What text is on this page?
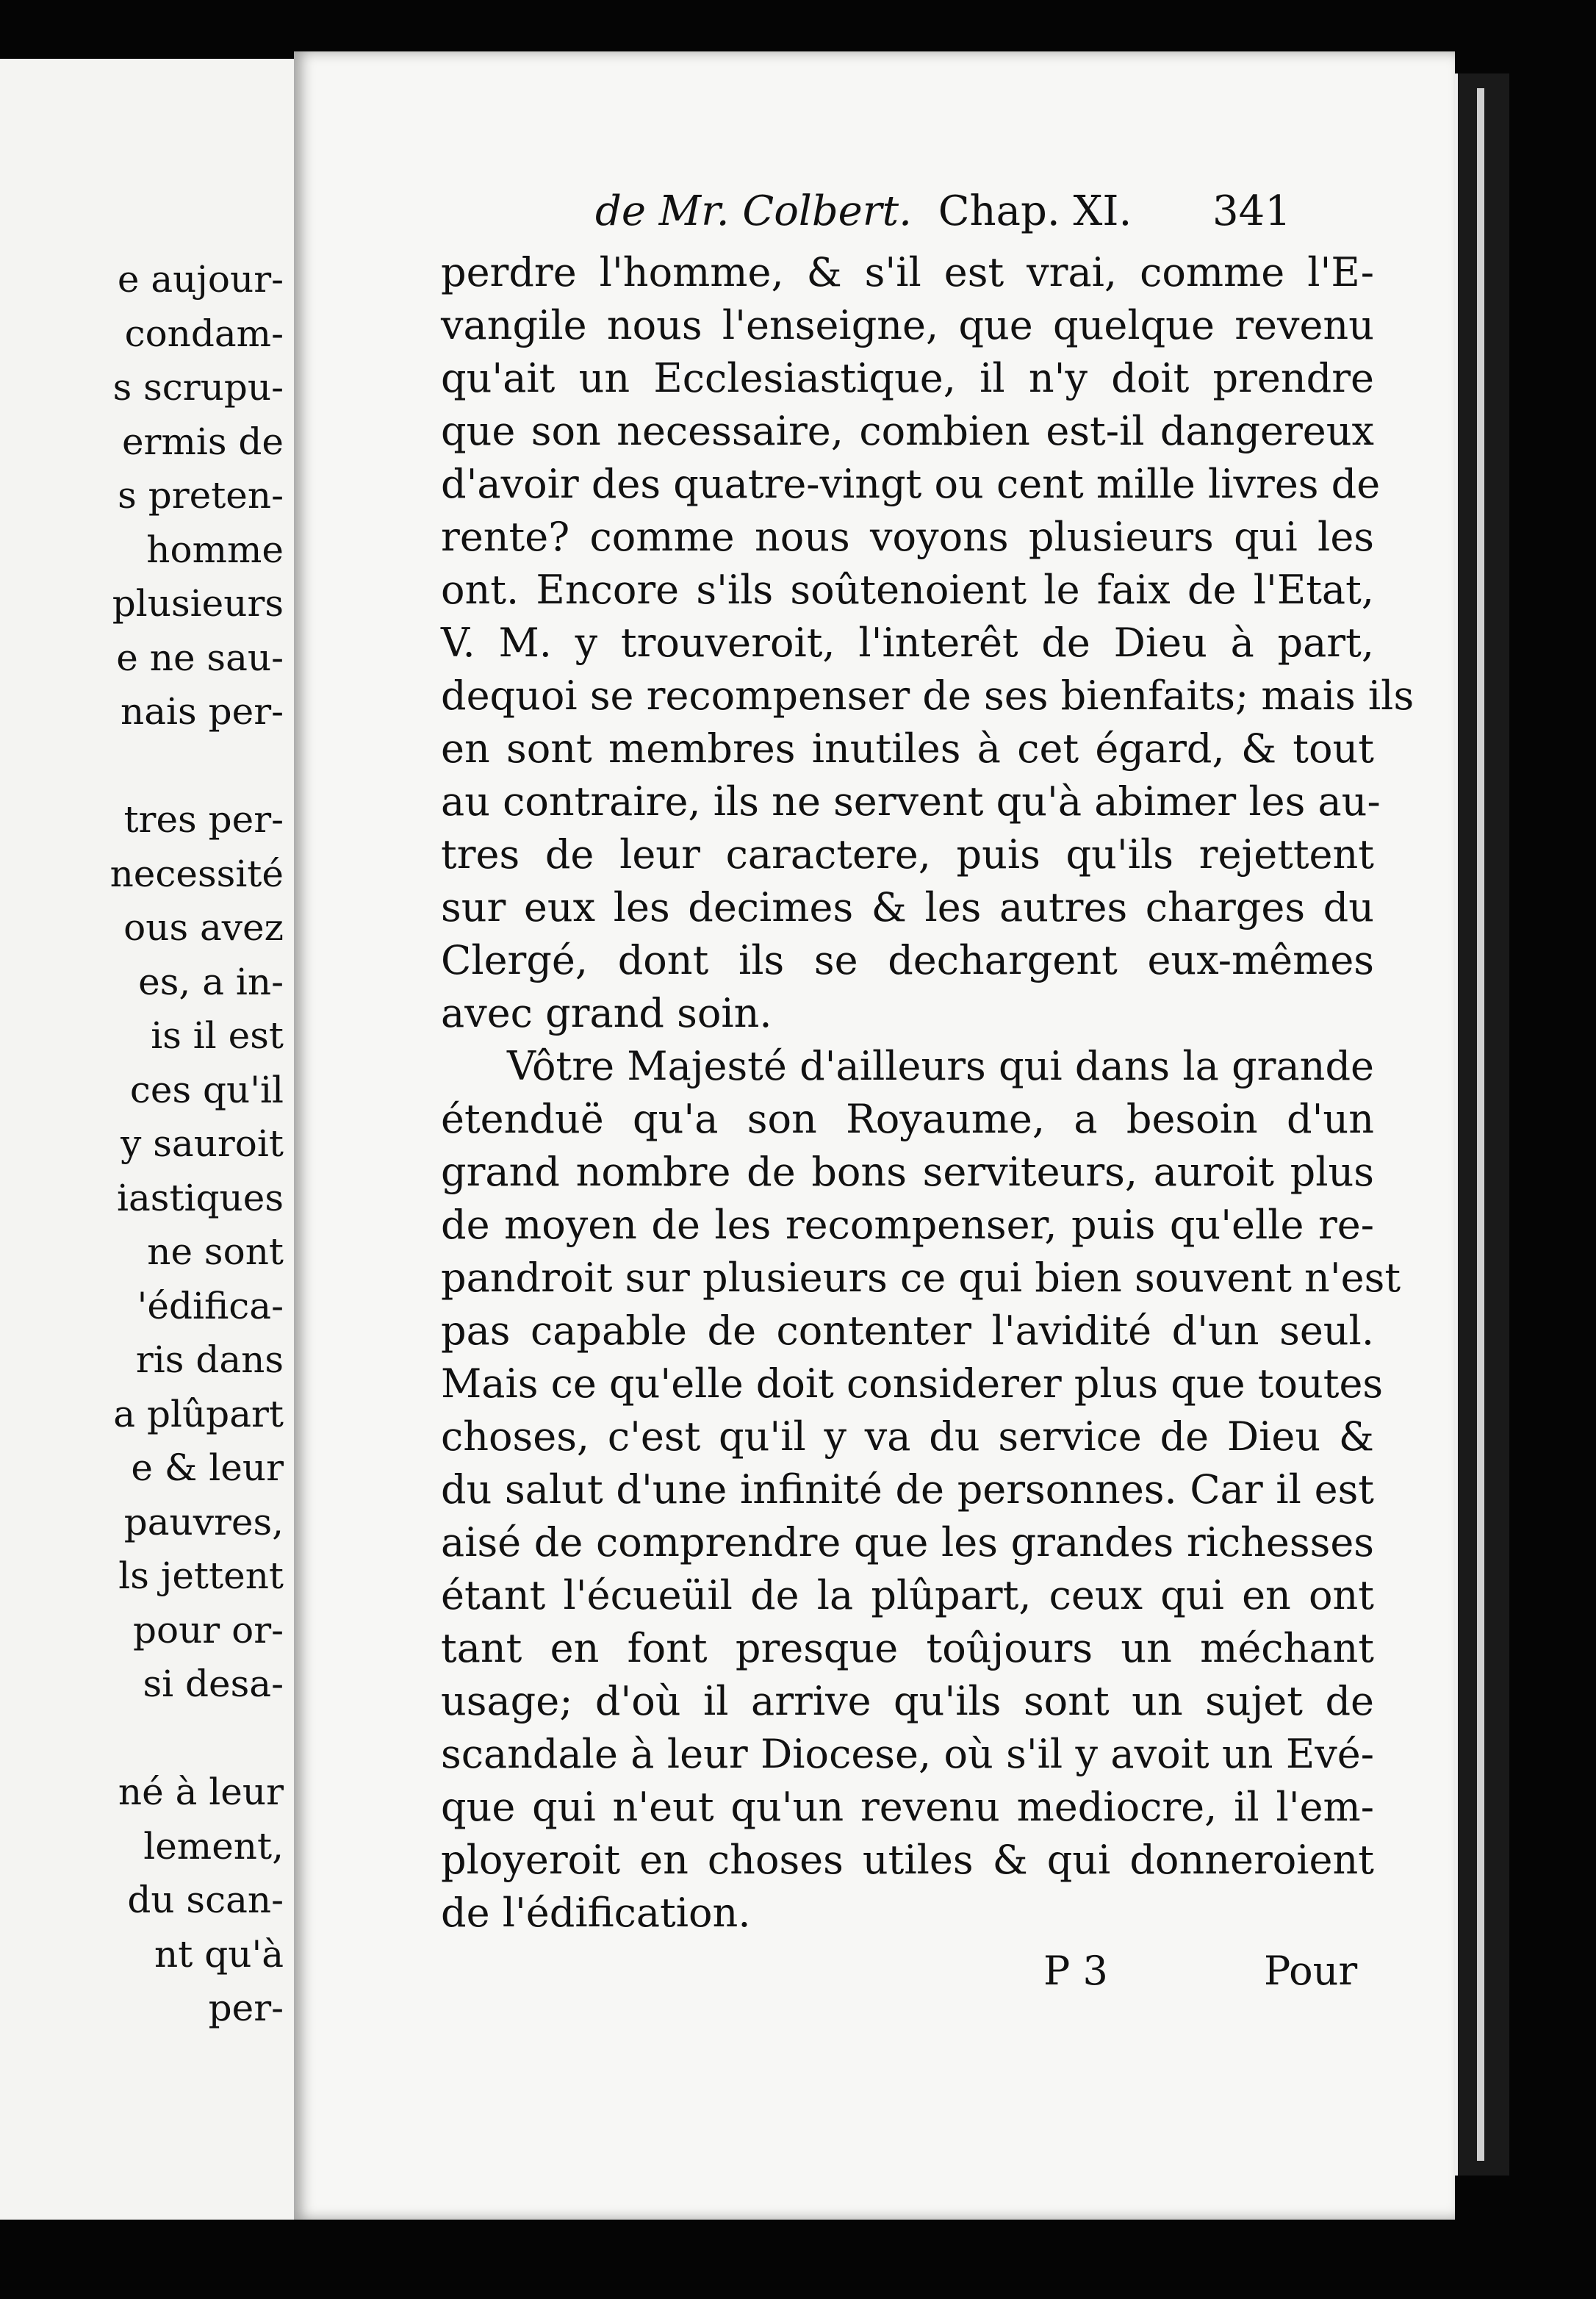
e aujour-
condam-
s scrupu-
ermis de
s preten-
homme
plusieurs
e ne sau-
nais per-
tres per-
necessité
ous avez
es, a in-
is il est
ces qu'il
y sauroit
iastiques
ne sont
'édifica-
ris dans
a plûpart
e & leur
pauvres,
ls jettent
pour or-
si desa-
né à leur
lement,
du scan-
nt qu'à
per-
de Mr. Colbert. Chap. XI. 341
perdre l'homme, & s'il est vrai, comme l'E-
vangile nous l'enseigne, que quelque revenu
qu'ait un Ecclesiastique, il n'y doit prendre
que son necessaire, combien est-il dangereux
d'avoir des quatre-vingt ou cent mille livres de
rente? comme nous voyons plusieurs qui les
ont. Encore s'ils soûtenoient le faix de l'Etat,
V. M. y trouveroit, l'interêt de Dieu à part,
dequoi se recompenser de ses bienfaits; mais ils
en sont membres inutiles à cet égard, & tout
au contraire, ils ne servent qu'à abimer les au-
tres de leur caractere, puis qu'ils rejettent
sur eux les decimes & les autres charges du
Clergé, dont ils se dechargent eux-mêmes
avec grand soin.
Vôtre Majesté d'ailleurs qui dans la grande
étenduë qu'a son Royaume, a besoin d'un
grand nombre de bons serviteurs, auroit plus
de moyen de les recompenser, puis qu'elle re-
pandroit sur plusieurs ce qui bien souvent n'est
pas capable de contenter l'avidité d'un seul.
Mais ce qu'elle doit considerer plus que toutes
choses, c'est qu'il y va du service de Dieu &
du salut d'une infinité de personnes. Car il est
aisé de comprendre que les grandes richesses
étant l'écueüil de la plûpart, ceux qui en ont
tant en font presque toûjours un méchant
usage; d'où il arrive qu'ils sont un sujet de
scandale à leur Diocese, où s'il y avoit un Evé-
que qui n'eut qu'un revenu mediocre, il l'em-
ployeroit en choses utiles & qui donneroient
de l'édification.
P 3	Pour
